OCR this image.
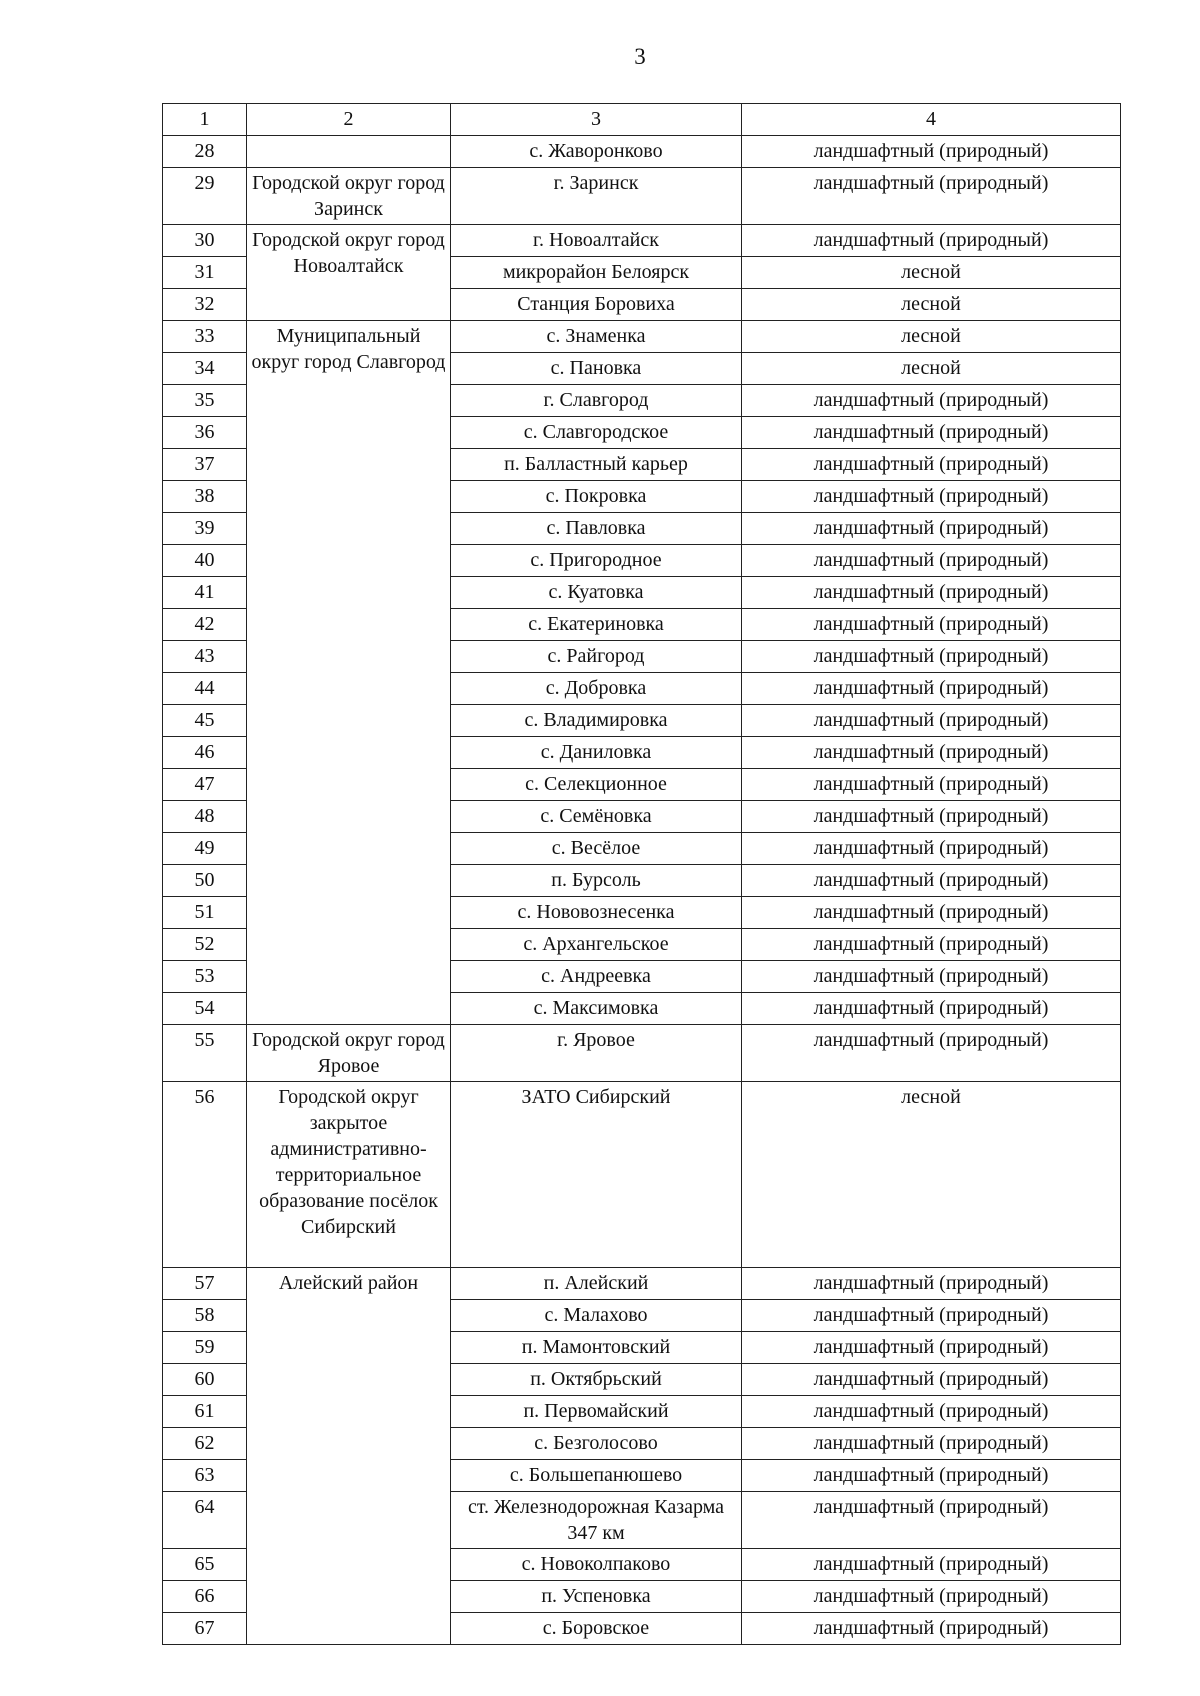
3
1	2	3	4
28		с. Жаворонково	ландшафтный (природный)
29	Городской округ город Заринск	г. Заринск	ландшафтный (природный)
30	Городской округ город Новоалтайск	г. Новоалтайск	ландшафтный (природный)
31		микрорайон Белоярск	лесной
32		Станция Боровиха	лесной
33	Муниципальный округ город Славгород	с. Знаменка	лесной
34		с. Пановка	лесной
35		г. Славгород	ландшафтный (природный)
36		с. Славгородское	ландшафтный (природный)
37		п. Балластный карьер	ландшафтный (природный)
38		с. Покровка	ландшафтный (природный)
39		с. Павловка	ландшафтный (природный)
40		с. Пригородное	ландшафтный (природный)
41		с. Куатовка	ландшафтный (природный)
42		с. Екатериновка	ландшафтный (природный)
43		с. Райгород	ландшафтный (природный)
44		с. Добровка	ландшафтный (природный)
45		с. Владимировка	ландшафтный (природный)
46		с. Даниловка	ландшафтный (природный)
47		с. Селекционное	ландшафтный (природный)
48		с. Семёновка	ландшафтный (природный)
49		с. Весёлое	ландшафтный (природный)
50		п. Бурсоль	ландшафтный (природный)
51		с. Нововознесенка	ландшафтный (природный)
52		с. Архангельское	ландшафтный (природный)
53		с. Андреевка	ландшафтный (природный)
54		с. Максимовка	ландшафтный (природный)
55	Городской округ город Яровое	г. Яровое	ландшафтный (природный)
56	Городской округ закрытое административно-территориальное образование посёлок Сибирский	ЗАТО Сибирский	лесной
57	Алейский район	п. Алейский	ландшафтный (природный)
58		с. Малахово	ландшафтный (природный)
59		п. Мамонтовский	ландшафтный (природный)
60		п. Октябрьский	ландшафтный (природный)
61		п. Первомайский	ландшафтный (природный)
62		с. Безголосово	ландшафтный (природный)
63		с. Большепанюшево	ландшафтный (природный)
64		ст. Железнодорожная Казарма 347 км	ландшафтный (природный)
65		с. Новоколпаково	ландшафтный (природный)
66		п. Успеновка	ландшафтный (природный)
67		с. Боровское	ландшафтный (природный)
